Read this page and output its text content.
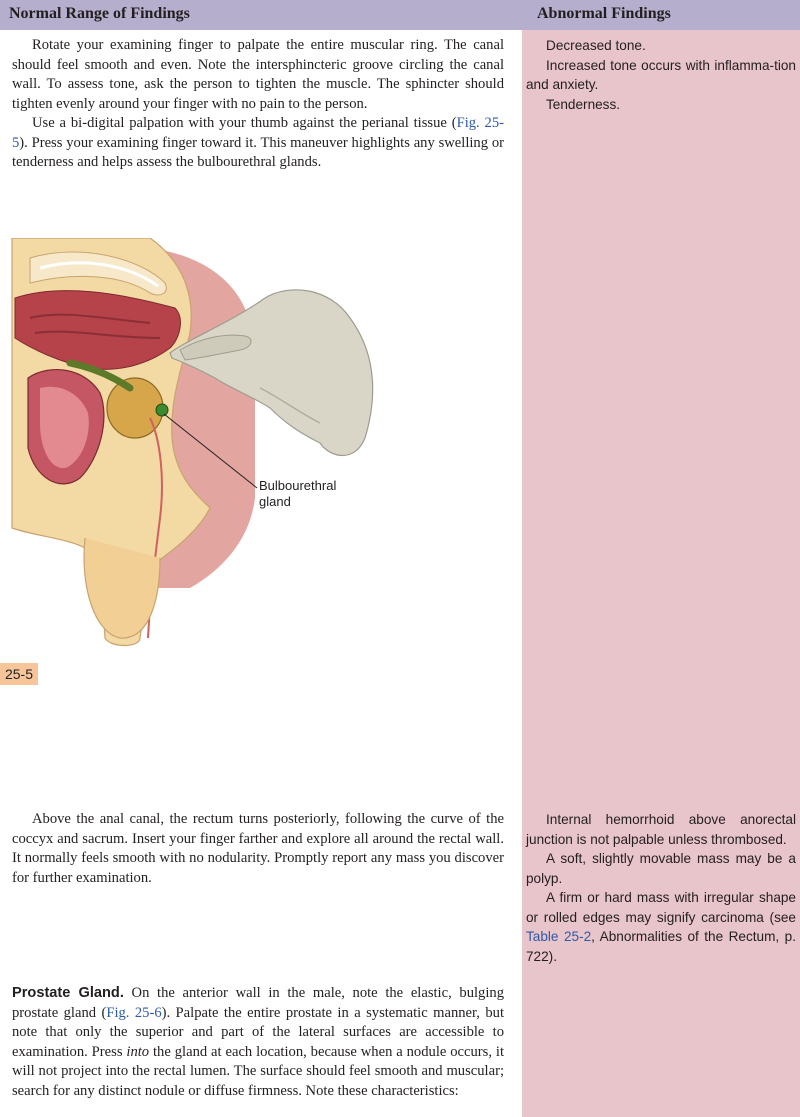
Normal Range of Findings	Abnormal Findings

Rotate your examining finger to palpate the entire muscular ring. The canal should feel smooth and even. Note the intersphincteric groove circling the canal wall. To assess tone, ask the person to tighten the muscle. The sphincter should tighten evenly around your finger with no pain to the person.

Use a bi-digital palpation with your thumb against the perianal tissue (Fig. 25-5). Press your examining finger toward it. This maneuver highlights any swelling or tenderness and helps assess the bulbourethral glands.

Decreased tone.

Increased tone occurs with inflamma-tion and anxiety.

Tenderness.

Bulbourethral
gland
25-5

Above the anal canal, the rectum turns posteriorly, following the curve of the coccyx and sacrum. Insert your finger farther and explore all around the rectal wall. It normally feels smooth with no nodularity. Promptly report any mass you discover for further examination.

Internal hemorrhoid above anorectal junction is not palpable unless thrombosed.

A soft, slightly movable mass may be a polyp.

A firm or hard mass with irregular shape or rolled edges may signify carcinoma (see Table 25-2, Abnormalities of the Rectum, p. 722).

Prostate Gland. On the anterior wall in the male, note the elastic, bulging prostate gland (Fig. 25-6). Palpate the entire prostate in a systematic manner, but note that only the superior and part of the lateral surfaces are accessible to examination. Press into the gland at each location, because when a nodule occurs, it will not project into the rectal lumen. The surface should feel smooth and muscular; search for any distinct nodule or diffuse firmness. Note these characteristics:
